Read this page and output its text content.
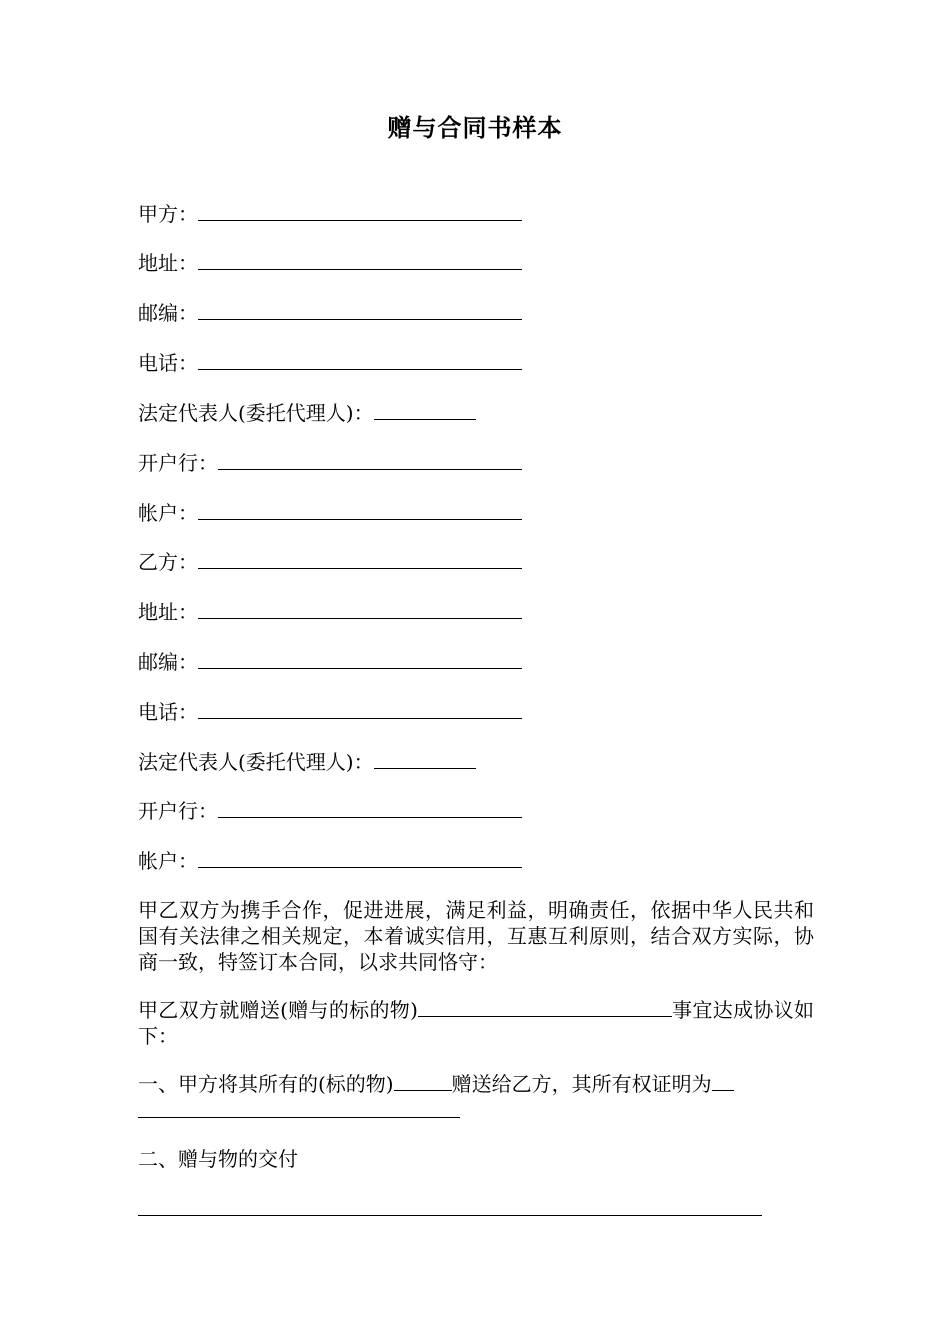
赠与合同书样本
甲方：
地址：
邮编：
电话：
法定代表人(委托代理人)：
开户行：
帐户：
乙方：
地址：
邮编：
电话：
法定代表人(委托代理人)：
开户行：
帐户：
甲乙双方为携手合作，促进进展，满足利益，明确责任，依据中华人民共和国有关法律之相关规定，本着诚实信用，互惠互利原则，结合双方实际，协商一致，特签订本合同，以求共同恪守：
甲乙双方就赠送(赠与的标的物)	事宜达成协议如下：
一、甲方将其所有的(标的物)	赠送给乙方，其所有权证明为
二、赠与物的交付
